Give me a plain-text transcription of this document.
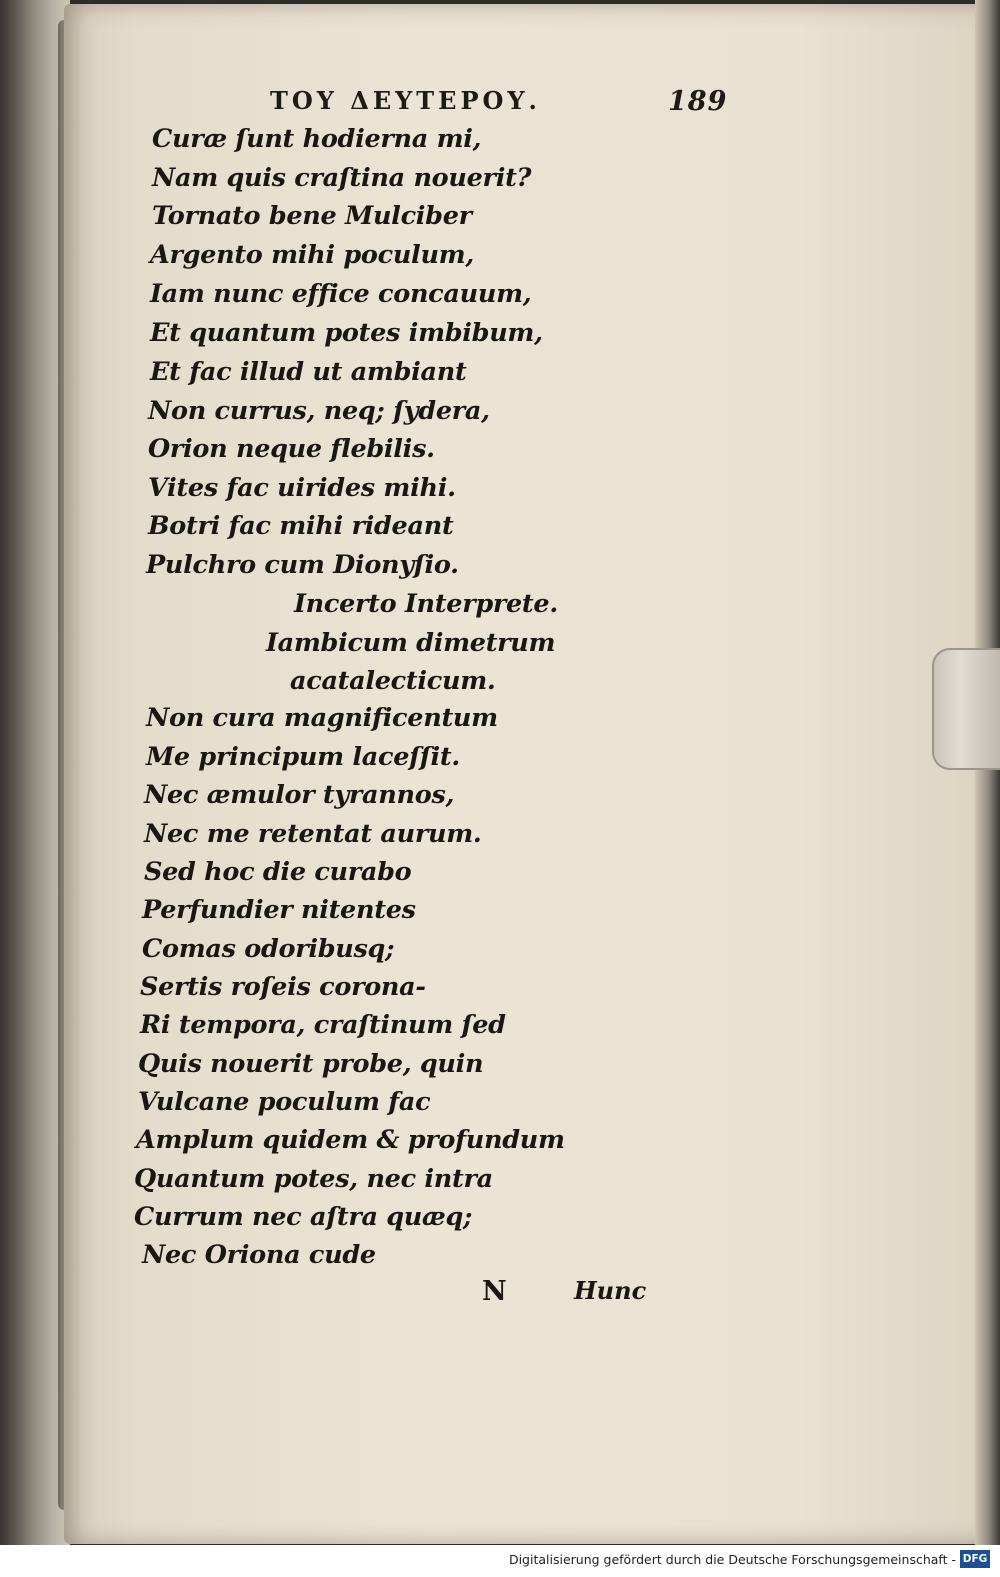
ΤΟΥ ΔΕΥΤΕΡΟΥ.	189
Curæ ſunt hodierna mi,
Nam quis craſtina nouerit?
Tornato bene Mulciber
Argento mihi poculum,
Iam nunc effice concauum,
Et quantum potes imbibum,
Et fac illud ut ambiant
Non currus, neq; ſydera,
Orion neque flebilis.
Vites fac uirides mihi.
Botri fac mihi rideant
Pulchro cum Dionyſio.
Incerto Interprete.
Iambicum dimetrum
acatalecticum.
Non cura magnificentum
Me principum laceſſit.
Nec æmulor tyrannos,
Nec me retentat aurum.
Sed hoc die curabo
Perfundier nitentes
Comas odoribusq;
Sertis roſeis corona-
Ri tempora, craſtinum ſed
Quis nouerit probe, quin
Vulcane poculum fac
Amplum quidem & profundum
Quantum potes, nec intra
Currum nec aſtra quæq;
Nec Oriona cude
N	Hunc
Digitalisierung gefördert durch die Deutsche Forschungsgemeinschaft - DFG
